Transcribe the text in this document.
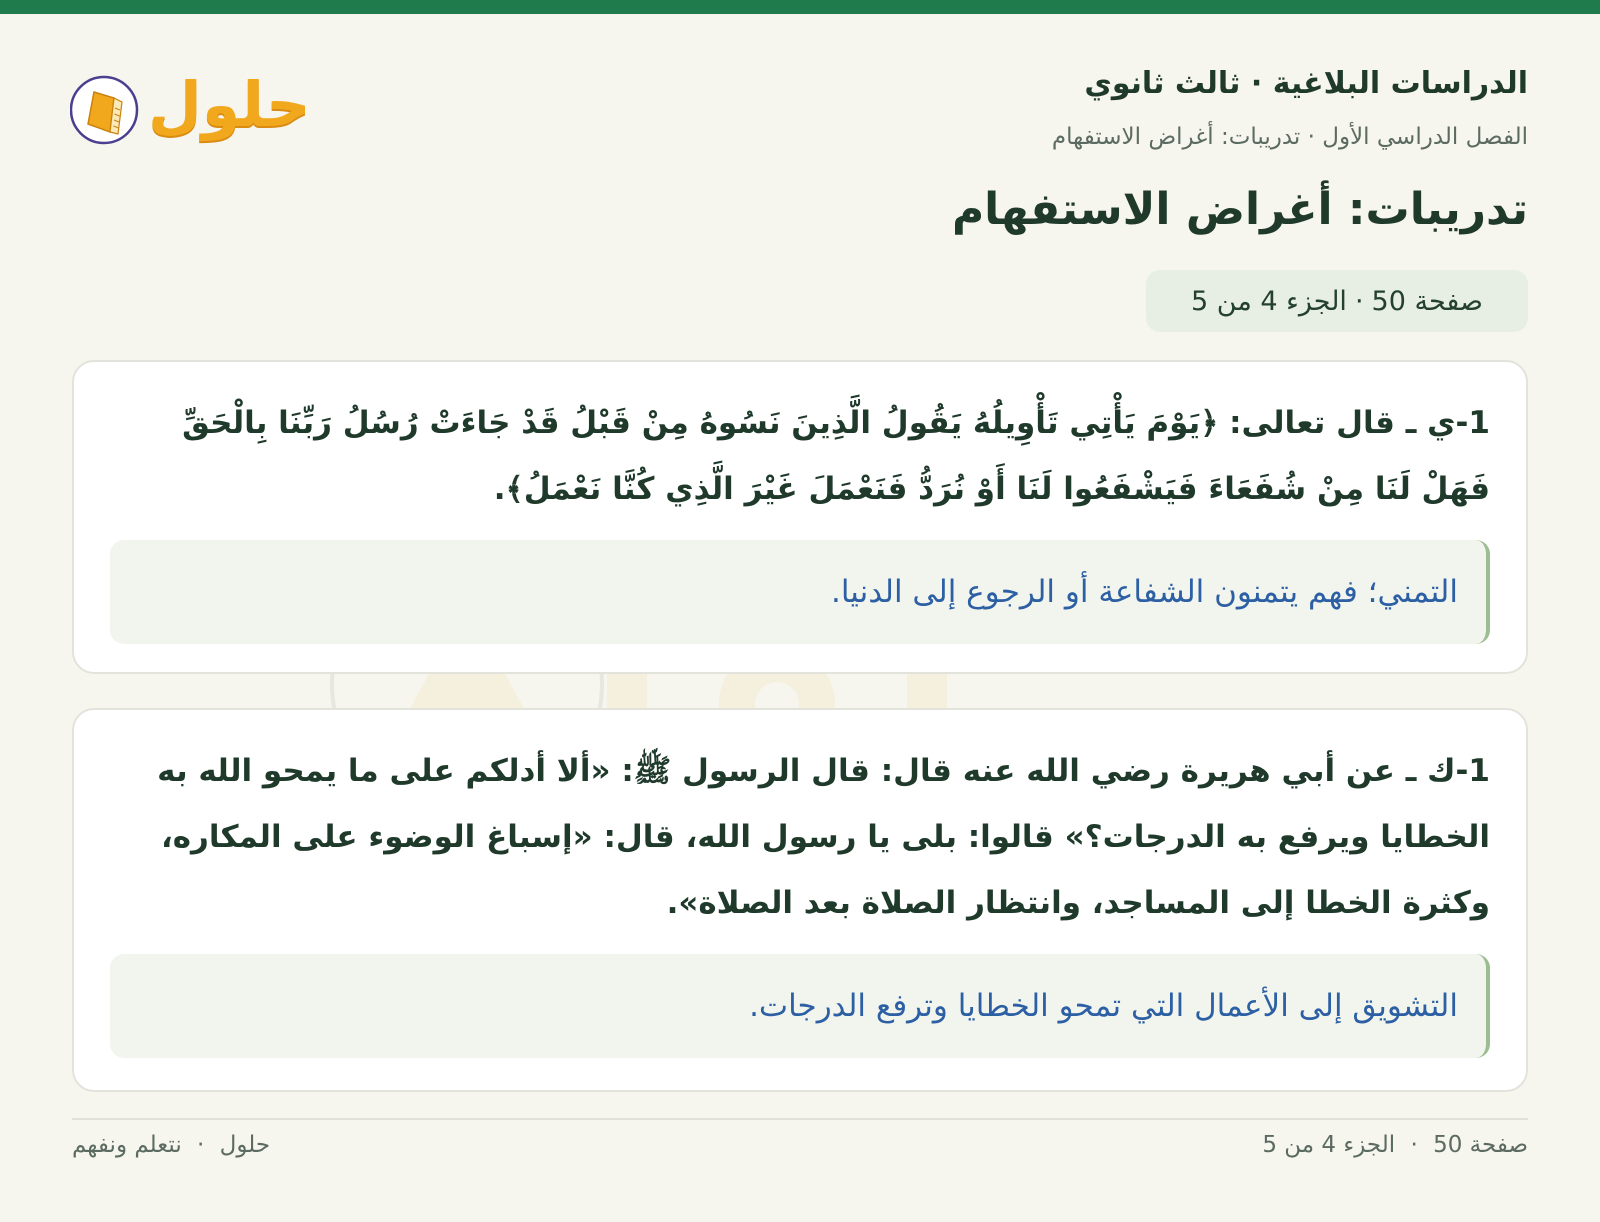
حلول	الدراسات البلاغية · ثالث ثانوي
الفصل الدراسي الأول · تدريبات: أغراض الاستفهام
تدريبات: أغراض الاستفهام
صفحة 50
·
الجزء 4 من 5
1-ي ـ قال تعالى: ﴿يَوْمَ يَأْتِي تَأْوِيلُهُ يَقُولُ الَّذِينَ نَسُوهُ مِنْ قَبْلُ قَدْ جَاءَتْ رُسُلُ رَبِّنَا بِالْحَقِّ فَهَلْ لَنَا مِنْ شُفَعَاءَ فَيَشْفَعُوا لَنَا أَوْ نُرَدُّ فَنَعْمَلَ غَيْرَ الَّذِي كُنَّا نَعْمَلُ﴾.
التمني؛ فهم يتمنون الشفاعة أو الرجوع إلى الدنيا.
1-ك ـ عن أبي هريرة رضي الله عنه قال: قال الرسول ﷺ: «ألا أدلكم على ما يمحو الله به الخطايا ويرفع به الدرجات؟» قالوا: بلى يا رسول الله، قال: «إسباغ الوضوء على المكاره، وكثرة الخطا إلى المساجد، وانتظار الصلاة بعد الصلاة».
التشويق إلى الأعمال التي تمحو الخطايا وترفع الدرجات.
صفحة 50 · الجزء 4 من 5
حلول · نتعلم ونفهم
